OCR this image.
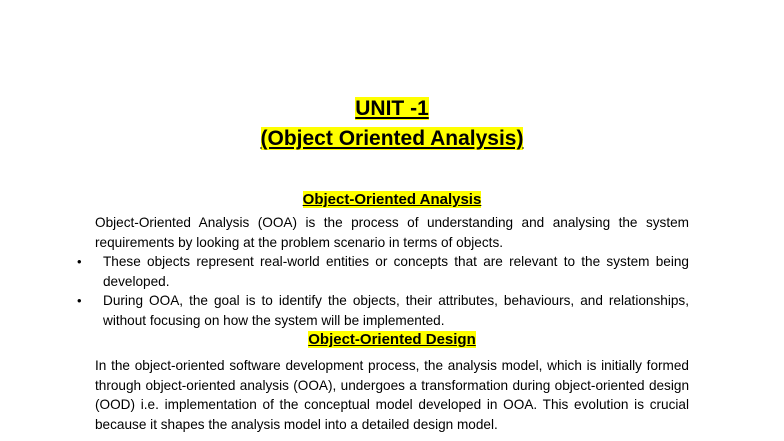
UNIT -1
(Object Oriented Analysis)
Object-Oriented Analysis

Object-Oriented Analysis (OOA) is the process of understanding and analysing the system requirements by looking at the problem scenario in terms of objects.

• These objects represent real-world entities or concepts that are relevant to the system being developed.
• During OOA, the goal is to identify the objects, their attributes, behaviours, and relationships, without focusing on how the system will be implemented.
Object-Oriented Design

In the object-oriented software development process, the analysis model, which is initially formed through object-oriented analysis (OOA), undergoes a transformation during object-oriented design (OOD) i.e. implementation of the conceptual model developed in OOA. This evolution is crucial because it shapes the analysis model into a detailed design model.
